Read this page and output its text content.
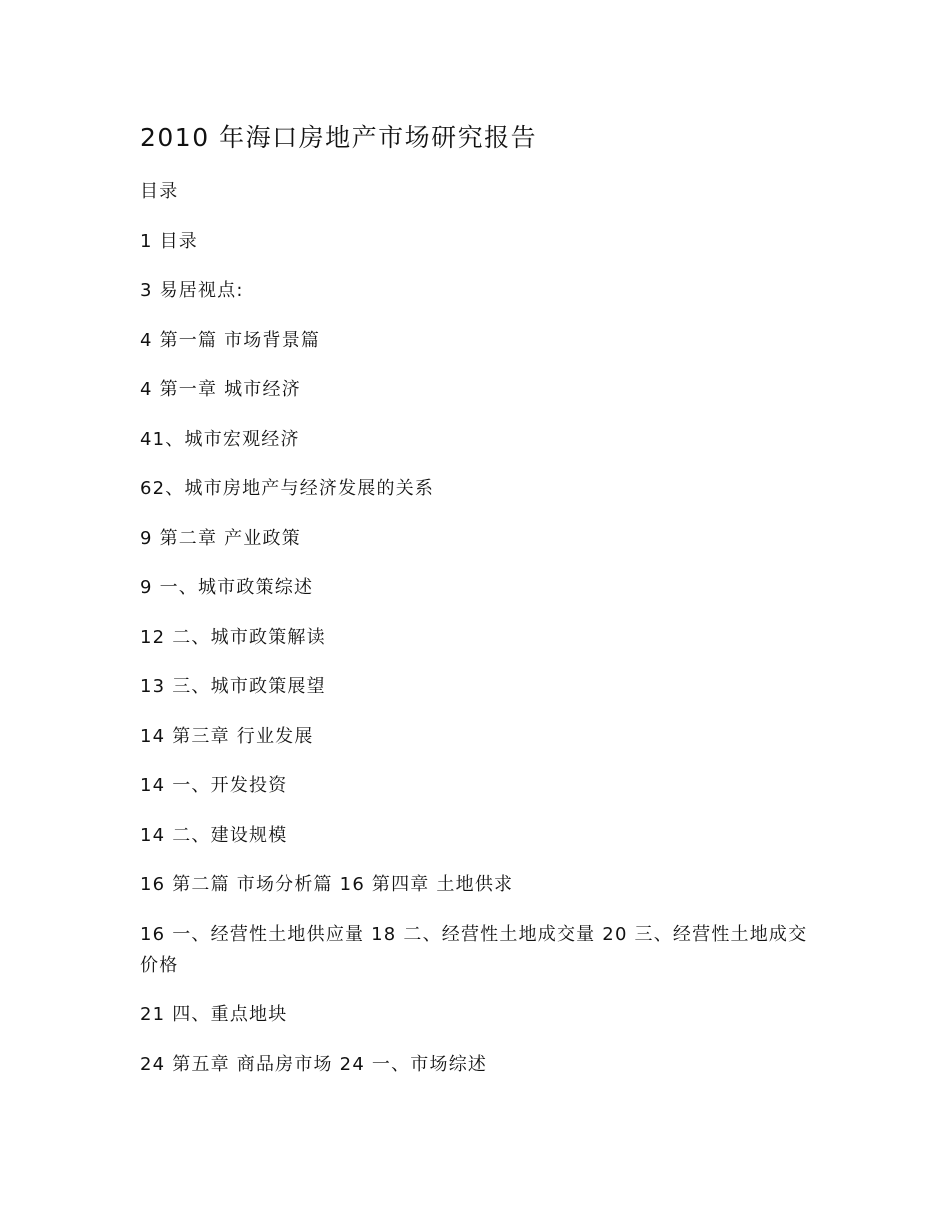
2010 年海口房地产市场研究报告
目录
1 目录
3 易居视点:
4 第一篇 市场背景篇
4 第一章 城市经济
41、城市宏观经济
62、城市房地产与经济发展的关系
9 第二章 产业政策
9 一、城市政策综述
12 二、城市政策解读
13 三、城市政策展望
14 第三章 行业发展
14 一、开发投资
14 二、建设规模
16 第二篇 市场分析篇 16 第四章 土地供求
16 一、经营性土地供应量 18 二、经营性土地成交量 20 三、经营性土地成交价格
21 四、重点地块
24 第五章 商品房市场 24 一、市场综述
